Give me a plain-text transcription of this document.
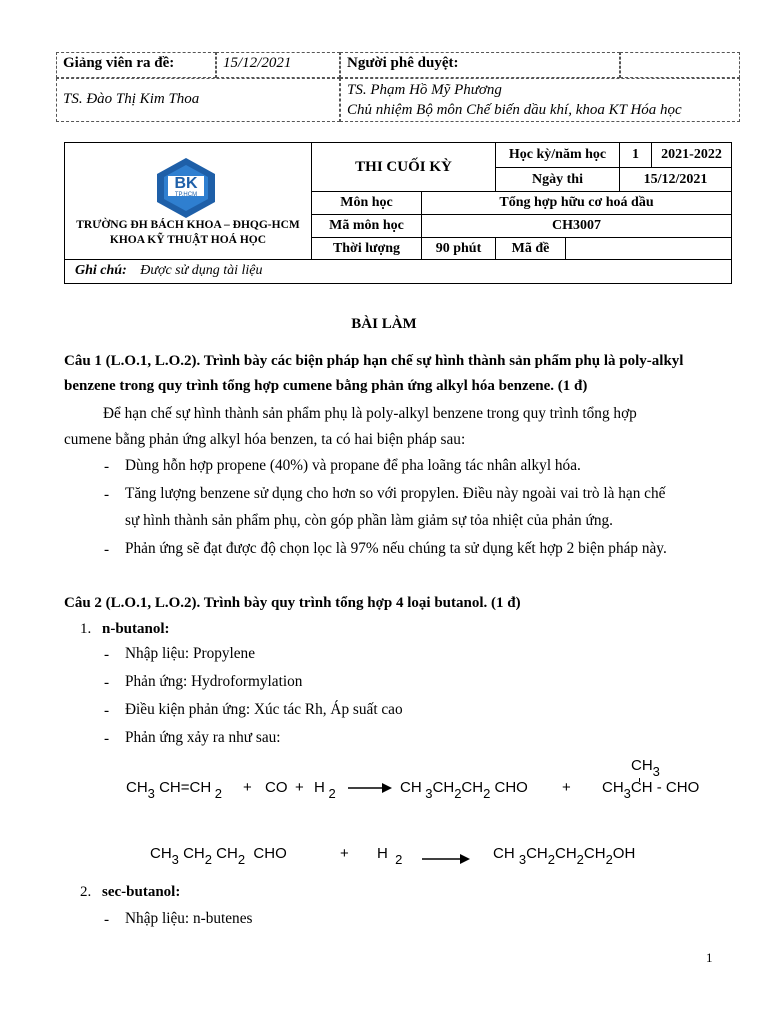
Giảng viên ra đề:	15/12/2021	Người phê duyệt:
TS. Đào Thị Kim Thoa
TS. Phạm Hồ Mỹ Phương
Chủ nhiệm Bộ môn Chế biến dầu khí, khoa KT Hóa học
BK
TP.HCM
TRƯỜNG ĐH BÁCH KHOA – ĐHQG-HCM
KHOA KỸ THUẬT HOÁ HỌC
THI CUỐI KỲ
Học kỳ/năm học	1	2021-2022
Ngày thi	15/12/2021
Môn học	Tổng hợp hữu cơ hoá dầu
Mã môn học	CH3007
Thời lượng	90 phút	Mã đề
Ghi chú: Được sử dụng tài liệu
BÀI LÀM
Câu 1 (L.O.1, L.O.2). Trình bày các biện pháp hạn chế sự hình thành sản phẩm phụ là poly-alkyl
benzene trong quy trình tổng hợp cumene bằng phản ứng alkyl hóa benzene. (1 đ)
Để hạn chế sự hình thành sản phẩm phụ là poly-alkyl benzene trong quy trình tổng hợp
cumene bằng phản ứng alkyl hóa benzen, ta có hai biện pháp sau:
- Dùng hỗn hợp propene (40%) và propane để pha loãng tác nhân alkyl hóa.
- Tăng lượng benzene sử dụng cho hơn so với propylen. Điều này ngoài vai trò là hạn chế
sự hình thành sản phẩm phụ, còn góp phần làm giảm sự tỏa nhiệt của phản ứng.
- Phản ứng sẽ đạt được độ chọn lọc là 97% nếu chúng ta sử dụng kết hợp 2 biện pháp này.
Câu 2 (L.O.1, L.O.2). Trình bày quy trình tổng hợp 4 loại butanol. (1 đ)
1. n-butanol:
- Nhập liệu: Propylene
- Phản ứng: Hydroformylation
- Điều kiện phản ứng: Xúc tác Rh, Áp suất cao
- Phản ứng xảy ra như sau:
CH3 CH=CH 2 + CO + H 2 → CH 3CH2CH2 CHO +
CH3
CH3CH - CHO
CH3 CH2 CH2  CHO	+ H  2 → CH 3CH2CH2CH2OH
2. sec-butanol:
- Nhập liệu: n-butenes
1
